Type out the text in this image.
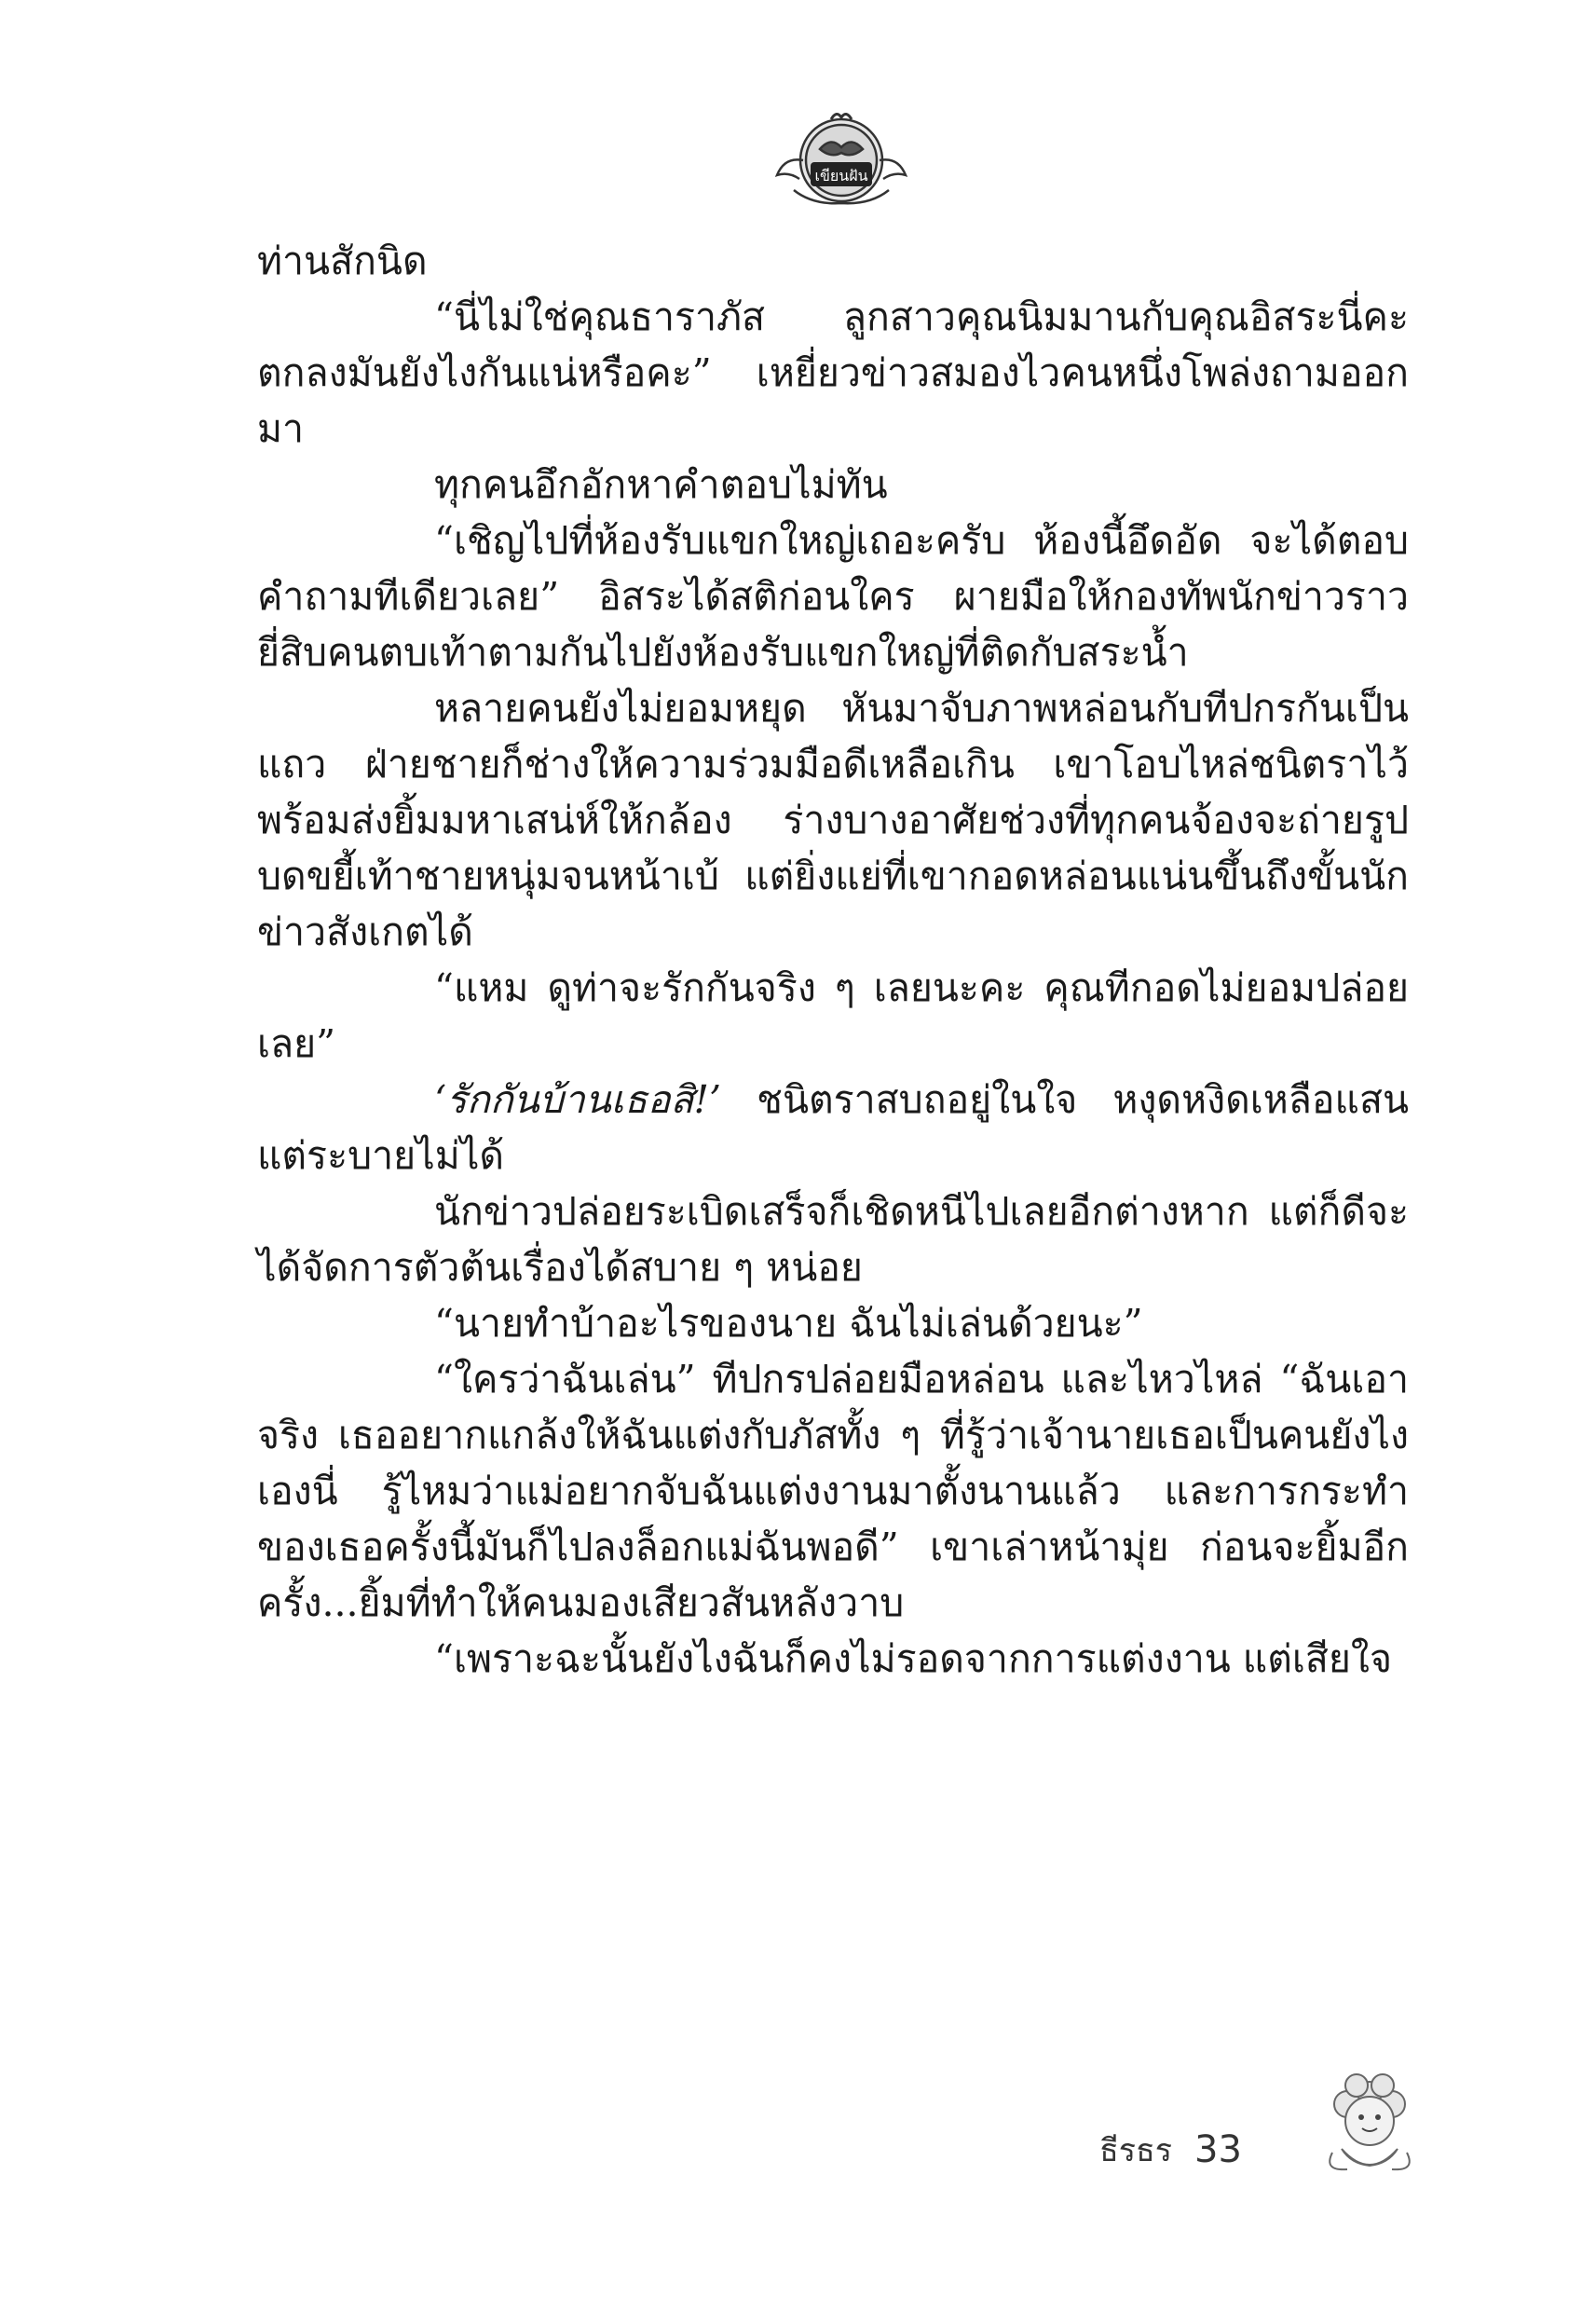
เขียนฝัน

ท่านสักนิด

“นี่ไม่ใช่คุณธาราภัส ลูกสาวคุณนิมมานกับคุณอิสระนี่คะ ตกลงมันยังไงกันแน่หรือคะ” เหยี่ยวข่าวสมองไวคนหนึ่งโพล่งถามออกมา

ทุกคนอึกอักหาคำตอบไม่ทัน

“เชิญไปที่ห้องรับแขกใหญ่เถอะครับ ห้องนี้อึดอัด จะได้ตอบคำถามทีเดียวเลย” อิสระได้สติก่อนใคร ผายมือให้กองทัพนักข่าวราวยี่สิบคนตบเท้าตามกันไปยังห้องรับแขกใหญ่ที่ติดกับสระน้ำ

หลายคนยังไม่ยอมหยุด หันมาจับภาพหล่อนกับทีปกรกันเป็นแถว ฝ่ายชายก็ช่างให้ความร่วมมือดีเหลือเกิน เขาโอบไหล่ชนิตราไว้พร้อมส่งยิ้มมหาเสน่ห์ให้กล้อง ร่างบางอาศัยช่วงที่ทุกคนจ้องจะถ่ายรูปบดขยี้เท้าชายหนุ่มจนหน้าเบ้ แต่ยิ่งแย่ที่เขากอดหล่อนแน่นขึ้นถึงขั้นนักข่าวสังเกตได้

“แหม ดูท่าจะรักกันจริง ๆ เลยนะคะ คุณทีกอดไม่ยอมปล่อยเลย”

‘รักกันบ้านเธอสิ!’ ชนิตราสบถอยู่ในใจ หงุดหงิดเหลือแสนแต่ระบายไม่ได้

นักข่าวปล่อยระเบิดเสร็จก็เชิดหนีไปเลยอีกต่างหาก แต่ก็ดีจะได้จัดการตัวต้นเรื่องได้สบาย ๆ หน่อย

“นายทำบ้าอะไรของนาย ฉันไม่เล่นด้วยนะ”

“ใครว่าฉันเล่น” ทีปกรปล่อยมือหล่อน และไหวไหล่ “ฉันเอาจริง เธออยากแกล้งให้ฉันแต่งกับภัสทั้ง ๆ ที่รู้ว่าเจ้านายเธอเป็นคนยังไงเองนี่ รู้ไหมว่าแม่อยากจับฉันแต่งงานมาตั้งนานแล้ว และการกระทำของเธอครั้งนี้มันก็ไปลงล็อกแม่ฉันพอดี” เขาเล่าหน้ามุ่ย ก่อนจะยิ้มอีกครั้ง...ยิ้มที่ทำให้คนมองเสียวสันหลังวาบ

“เพราะฉะนั้นยังไงฉันก็คงไม่รอดจากการแต่งงาน แต่เสียใจ

ธีรธร 33
